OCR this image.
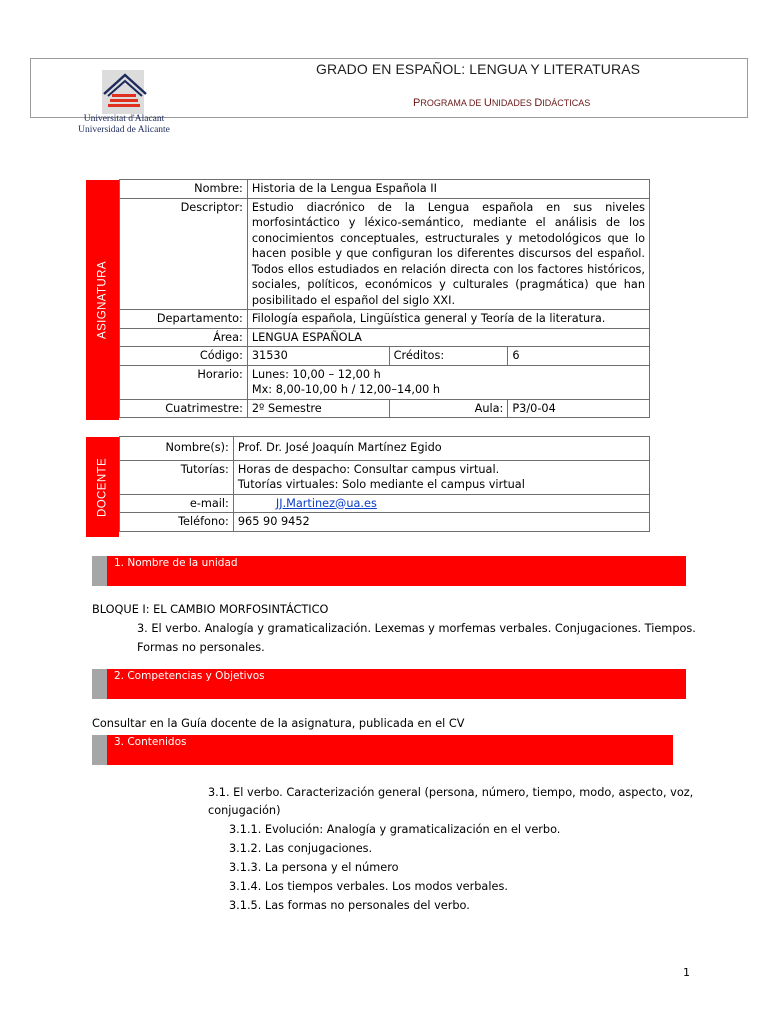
Universitat d'Alacant
Universidad de Alicante
GRADO EN ESPAÑOL: LENGUA Y LITERATURAS
PROGRAMA DE UNIDADES DIDÁCTICAS
ASIGNATURA
Nombre:	Historia de la Lengua Española II		
Descriptor:	Estudio diacrónico de la Lengua española en sus niveles morfosintáctico y léxico-semántico, mediante el análisis de los conocimientos conceptuales, estructurales y metodológicos que lo hacen posible y que configuran los diferentes discursos del español. Todos ellos estudiados en relación directa con los factores históricos, sociales, políticos, económicos y culturales (pragmática) que han posibilitado el español del siglo XXI.		
Departamento:	Filología española, Lingüística general y Teoría de la literatura.		
Área:	LENGUA ESPAÑOLA		
Código:	31530	Créditos:	6
Horario:	Lunes: 10,00 – 12,00 h
Mx: 8,00-10,00 h / 12,00–14,00 h		

Cuatrimestre:	2º Semestre	Aula:	P3/0-04
DOCENTE
Nombre(s):	Prof. Dr. José Joaquín Martínez Egido
Tutorías:	Horas de despacho: Consultar campus virtual.
Tutorías virtuales: Solo mediante el campus virtual

e-mail:	JJ.Martinez@ua.es
Teléfono:	965 90 9452
1. Nombre de la unidad
BLOQUE I: EL CAMBIO MORFOSINTÁCTICO
3. El verbo. Analogía y gramaticalización. Lexemas y morfemas verbales. Conjugaciones. Tiempos.
Formas no personales.
2. Competencias y Objetivos
Consultar en la Guía docente de la asignatura, publicada en el CV
3. Contenidos
3.1. El verbo. Caracterización general (persona, número, tiempo, modo, aspecto, voz,
conjugación)
3.1.1. Evolución: Analogía y gramaticalización en el verbo.
3.1.2. Las conjugaciones.
3.1.3. La persona y el número
3.1.4. Los tiempos verbales. Los modos verbales.
3.1.5. Las formas no personales del verbo.
1
